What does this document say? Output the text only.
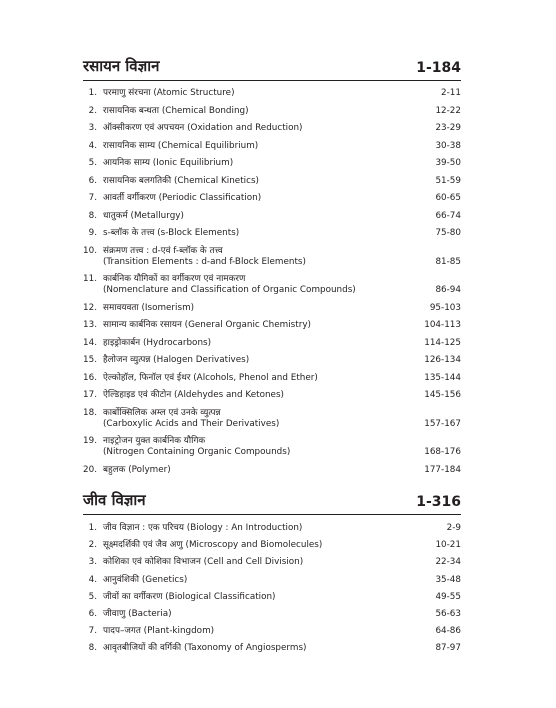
रसायन विज्ञान	1-184
1. परमाणु संरचना (Atomic Structure)	2-11
2. रासायनिक बन्धता (Chemical Bonding)	12-22
3. ऑक्सीकरण एवं अपचयन (Oxidation and Reduction)	23-29
4. रासायनिक साम्य (Chemical Equilibrium)	30-38
5. आयनिक साम्य (Ionic Equilibrium)	39-50
6. रासायनिक बलगतिकी (Chemical Kinetics)	51-59
7. आवर्ती वर्गीकरण (Periodic Classification)	60-65
8. धातुकर्म (Metallurgy)	66-74
9. s-ब्लॉक के तत्त्व (s-Block Elements)	75-80
10. संक्रमण तत्त्व : d-एवं f-ब्लॉक के तत्त्व
(Transition Elements : d-and f-Block Elements)	81-85
11. कार्बनिक यौगिकों का वर्गीकरण एवं नामकरण
(Nomenclature and Classification of Organic Compounds)	86-94
12. समावयवता (Isomerism)	95-103
13. सामान्य कार्बनिक रसायन (General Organic Chemistry)	104-113
14. हाइड्रोकार्बन (Hydrocarbons)	114-125
15. हैलोजन व्युत्पन्न (Halogen Derivatives)	126-134
16. ऐल्कोहॉल, फिनॉल एवं ईथर (Alcohols, Phenol and Ether)	135-144
17. ऐल्डिहाइड एवं कीटोन (Aldehydes and Ketones)	145-156
18. कार्बोक्सिलिक अम्ल एवं उनके व्युत्पन्न
(Carboxylic Acids and Their Derivatives)	157-167
19. नाइट्रोजन युक्त कार्बनिक यौगिक
(Nitrogen Containing Organic Compounds)	168-176
20. बहुलक (Polymer)	177-184
जीव विज्ञान	1-316
1. जीव विज्ञान : एक परिचय (Biology : An Introduction)	2-9
2. सूक्ष्मदर्शिकी एवं जैव अणु (Microscopy and Biomolecules)	10-21
3. कोशिका एवं कोशिका विभाजन (Cell and Cell Division)	22-34
4. आनुवंशिकी (Genetics)	35-48
5. जीवों का वर्गीकरण (Biological Classification)	49-55
6. जीवाणु (Bacteria)	56-63
7. पादप–जगत (Plant-kingdom)	64-86
8. आवृतबीजियों की वर्गिकी (Taxonomy of Angiosperms)	87-97
